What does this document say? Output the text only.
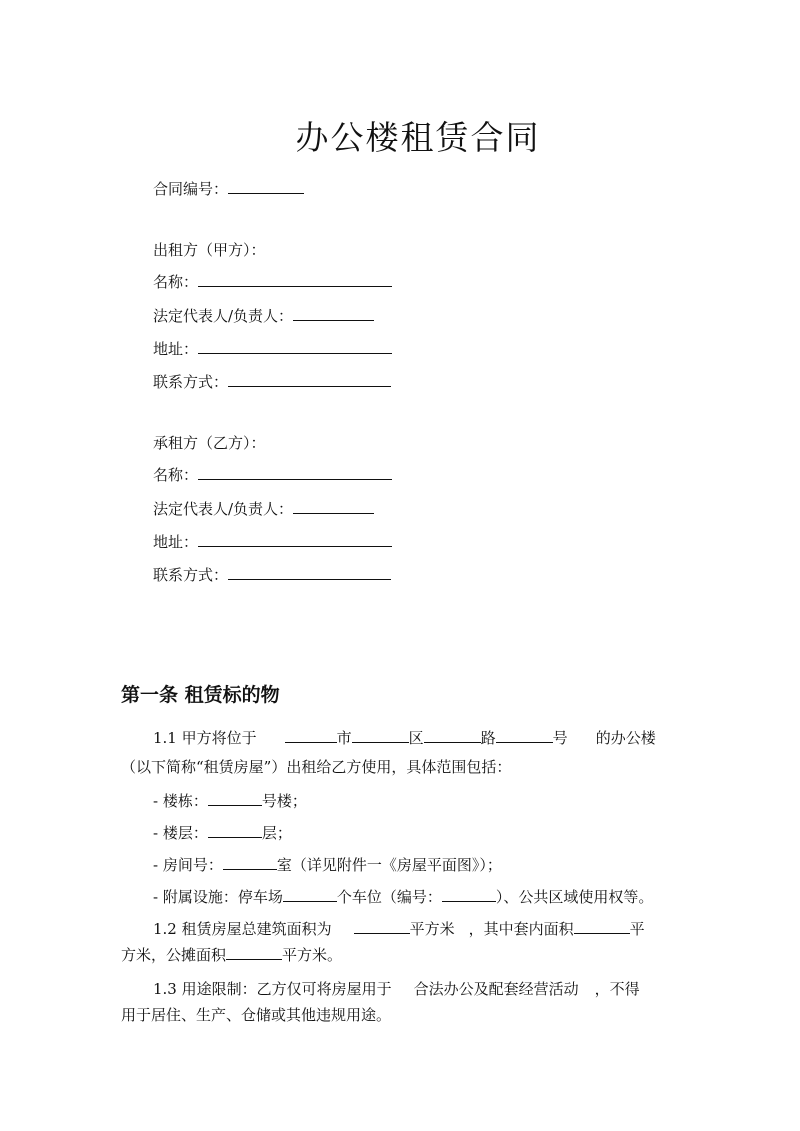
办公楼租赁合同
合同编号：
出租方（甲方）：
名称：
法定代表人/负责人：
地址：
联系方式：
承租方（乙方）：
名称：
法定代表人/负责人：
地址：
联系方式：
第一条 租赁标的物
1.1 甲方将位于	市	区	路	号 的办公楼
（以下简称“租赁房屋”）出租给乙方使用，具体范围包括：
- 楼栋：	号楼；
- 楼层：	层；
- 房间号：	室（详见附件一《房屋平面图》）；
- 附属设施：停车场	个车位（编号：	）、公共区域使用权等。
1.2 租赁房屋总建筑面积为	平方米 ，其中套内面积	平
方米，公摊面积	平方米。
1.3 用途限制：乙方仅可将房屋用于 合法办公及配套经营活动 ，不得
用于居住、生产、仓储或其他违规用途。
